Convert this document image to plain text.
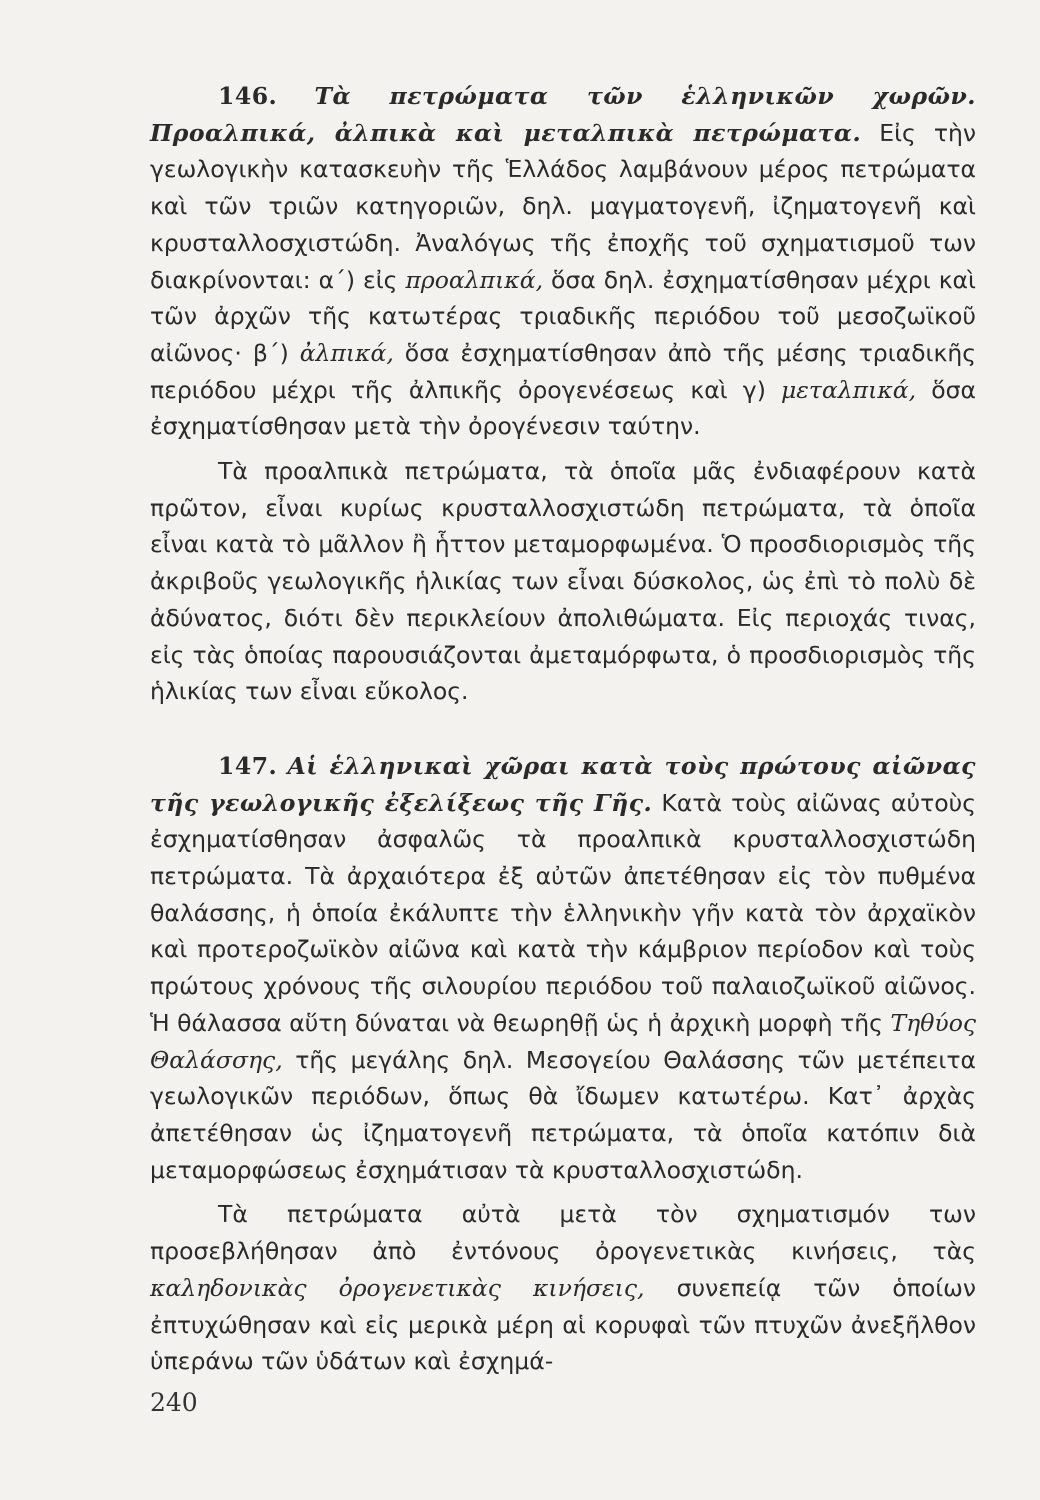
146. Τὰ πετρώματα τῶν ἑλληνικῶν χωρῶν. Προαλπικά, ἀλπικὰ καὶ μεταλπικὰ πετρώματα. Εἰς τὴν γεωλογικὴν κατασκευὴν τῆς Ἑλλάδος λαμβάνουν μέρος πετρώματα καὶ τῶν τριῶν κατηγοριῶν, δηλ. μαγματογενῆ, ἰζηματογενῆ καὶ κρυσταλλοσχιστώδη. Ἀναλόγως τῆς ἐποχῆς τοῦ σχηματισμοῦ των διακρίνονται: α΄) εἰς προαλπικά, ὅσα δηλ. ἐσχηματίσθησαν μέχρι καὶ τῶν ἀρχῶν τῆς κατωτέρας τριαδικῆς περιόδου τοῦ μεσοζωϊκοῦ αἰῶνος· β΄) ἀλπικά, ὅσα ἐσχηματίσθησαν ἀπὸ τῆς μέσης τριαδικῆς περιόδου μέχρι τῆς ἀλπικῆς ὀρογενέσεως καὶ γ) μεταλπικά, ὅσα ἐσχηματίσθησαν μετὰ τὴν ὀρογένεσιν ταύτην.

Τὰ προαλπικὰ πετρώματα, τὰ ὁποῖα μᾶς ἐνδιαφέρουν κατὰ πρῶτον, εἶναι κυρίως κρυσταλλοσχιστώδη πετρώματα, τὰ ὁποῖα εἶναι κατὰ τὸ μᾶλλον ἢ ἧττον μεταμορφωμένα. Ὁ προσδιορισμὸς τῆς ἀκριβοῦς γεωλογικῆς ἡλικίας των εἶναι δύσκολος, ὡς ἐπὶ τὸ πολὺ δὲ ἀδύνατος, διότι δὲν περικλείουν ἀπολιθώματα. Εἰς περιοχάς τινας, εἰς τὰς ὁποίας παρουσιάζονται ἀμεταμόρφωτα, ὁ προσδιορισμὸς τῆς ἡλικίας των εἶναι εὔκολος.

147. Αἱ ἑλληνικαὶ χῶραι κατὰ τοὺς πρώτους αἰῶνας τῆς γεωλογικῆς ἐξελίξεως τῆς Γῆς. Κατὰ τοὺς αἰῶνας αὐτοὺς ἐσχηματίσθησαν ἀσφαλῶς τὰ προαλπικὰ κρυσταλλοσχιστώδη πετρώματα. Τὰ ἀρχαιότερα ἐξ αὐτῶν ἀπετέθησαν εἰς τὸν πυθμένα θαλάσσης, ἡ ὁποία ἐκάλυπτε τὴν ἑλληνικὴν γῆν κατὰ τὸν ἀρχαϊκὸν καὶ προτεροζωϊκὸν αἰῶνα καὶ κατὰ τὴν κάμβριον περίοδον καὶ τοὺς πρώτους χρόνους τῆς σιλουρίου περιόδου τοῦ παλαιοζωϊκοῦ αἰῶνος. Ἡ θάλασσα αὕτη δύναται νὰ θεωρηθῇ ὡς ἡ ἀρχικὴ μορφὴ τῆς Τηθύος Θαλάσσης, τῆς μεγάλης δηλ. Μεσογείου Θαλάσσης τῶν μετέπειτα γεωλογικῶν περιόδων, ὅπως θὰ ἴδωμεν κατωτέρω. Κατ᾽ ἀρχὰς ἀπετέθησαν ὡς ἰζηματογενῆ πετρώματα, τὰ ὁποῖα κατόπιν διὰ μεταμορφώσεως ἐσχημάτισαν τὰ κρυσταλλοσχιστώδη.

Τὰ πετρώματα αὐτὰ μετὰ τὸν σχηματισμόν των προσεβλήθησαν ἀπὸ ἐντόνους ὀρογενετικὰς κινήσεις, τὰς καληδονικὰς ὀρογενετικὰς κινήσεις, συνεπείᾳ τῶν ὁποίων ἐπτυχώθησαν καὶ εἰς μερικὰ μέρη αἱ κορυφαὶ τῶν πτυχῶν ἀνεξῆλθον ὑπεράνω τῶν ὑδάτων καὶ ἐσχημά-

240
